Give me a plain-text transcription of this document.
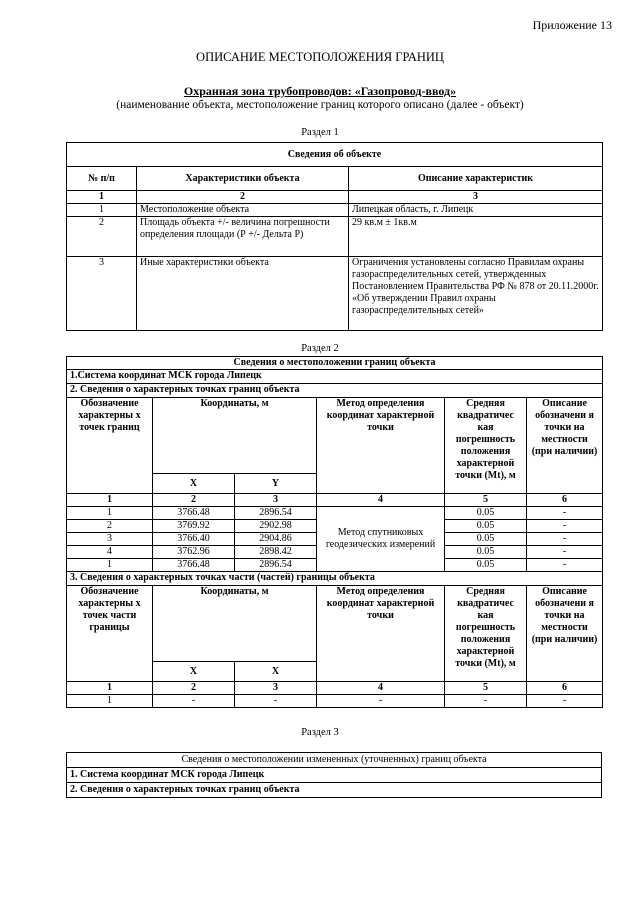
Приложение 13
ОПИСАНИЕ МЕСТОПОЛОЖЕНИЯ ГРАНИЦ
Охранная зона трубопроводов: «Газопровод-ввод»
(наименование объекта, местоположение границ которого описано (далее - объект)
Раздел 1
Сведения об объекте		
№ п/п	Характеристики объекта	Описание характеристик
1	2	3
1	Местоположение объекта	Липецкая область, г. Липецк
2	Площадь объекта +/- величина погрешности определения площади (Р +/- Дельта Р)	29 кв.м ± 1кв.м
3	Иные характеристики объекта	Ограничения установлены согласно Правилам охраны газораспределительных сетей, утвержденных Постановлением Правительства РФ № 878 от 20.11.2000г. «Об утверждении Правил охраны газораспределительных сетей»
Раздел 2
Сведения о местоположении границ объекта					
1.Система координат МСК города Липецк					
2. Сведения о характерных точках границ объекта					
Обозначение характерны х точек границ	Координаты, м		Метод определения координат характерной точки	Средняя квадратичес кая погрешность положения характерной точки (Mt), м	Описание обозначени я точки на местности (при наличии)
	X	Y			
1	2	3	4	5	6
1	3766.48	2896.54	Метод спутниковых геодезических измерений	0.05	-
2	3769.92	2902.98		0.05	-
3	3766.40	2904.86		0.05	-
4	3762.96	2898.42		0.05	-
1	3766.48	2896.54		0.05	-
3. Сведения о характерных точках части (частей) границы объекта					
Обозначение характерны х точек части границы	Координаты, м		Метод определения координат характерной точки	Средняя квадратичес кая погрешность положения характерной точки (Mt), м	Описание обозначени я точки на местности (при наличии)
	X	X			
1	2	3	4	5	6
1	-	-	-	-	-
Раздел 3
Сведения о местоположении измененных (уточненных) границ объекта
1. Система координат МСК города Липецк
2. Сведения о характерных точках границ объекта
